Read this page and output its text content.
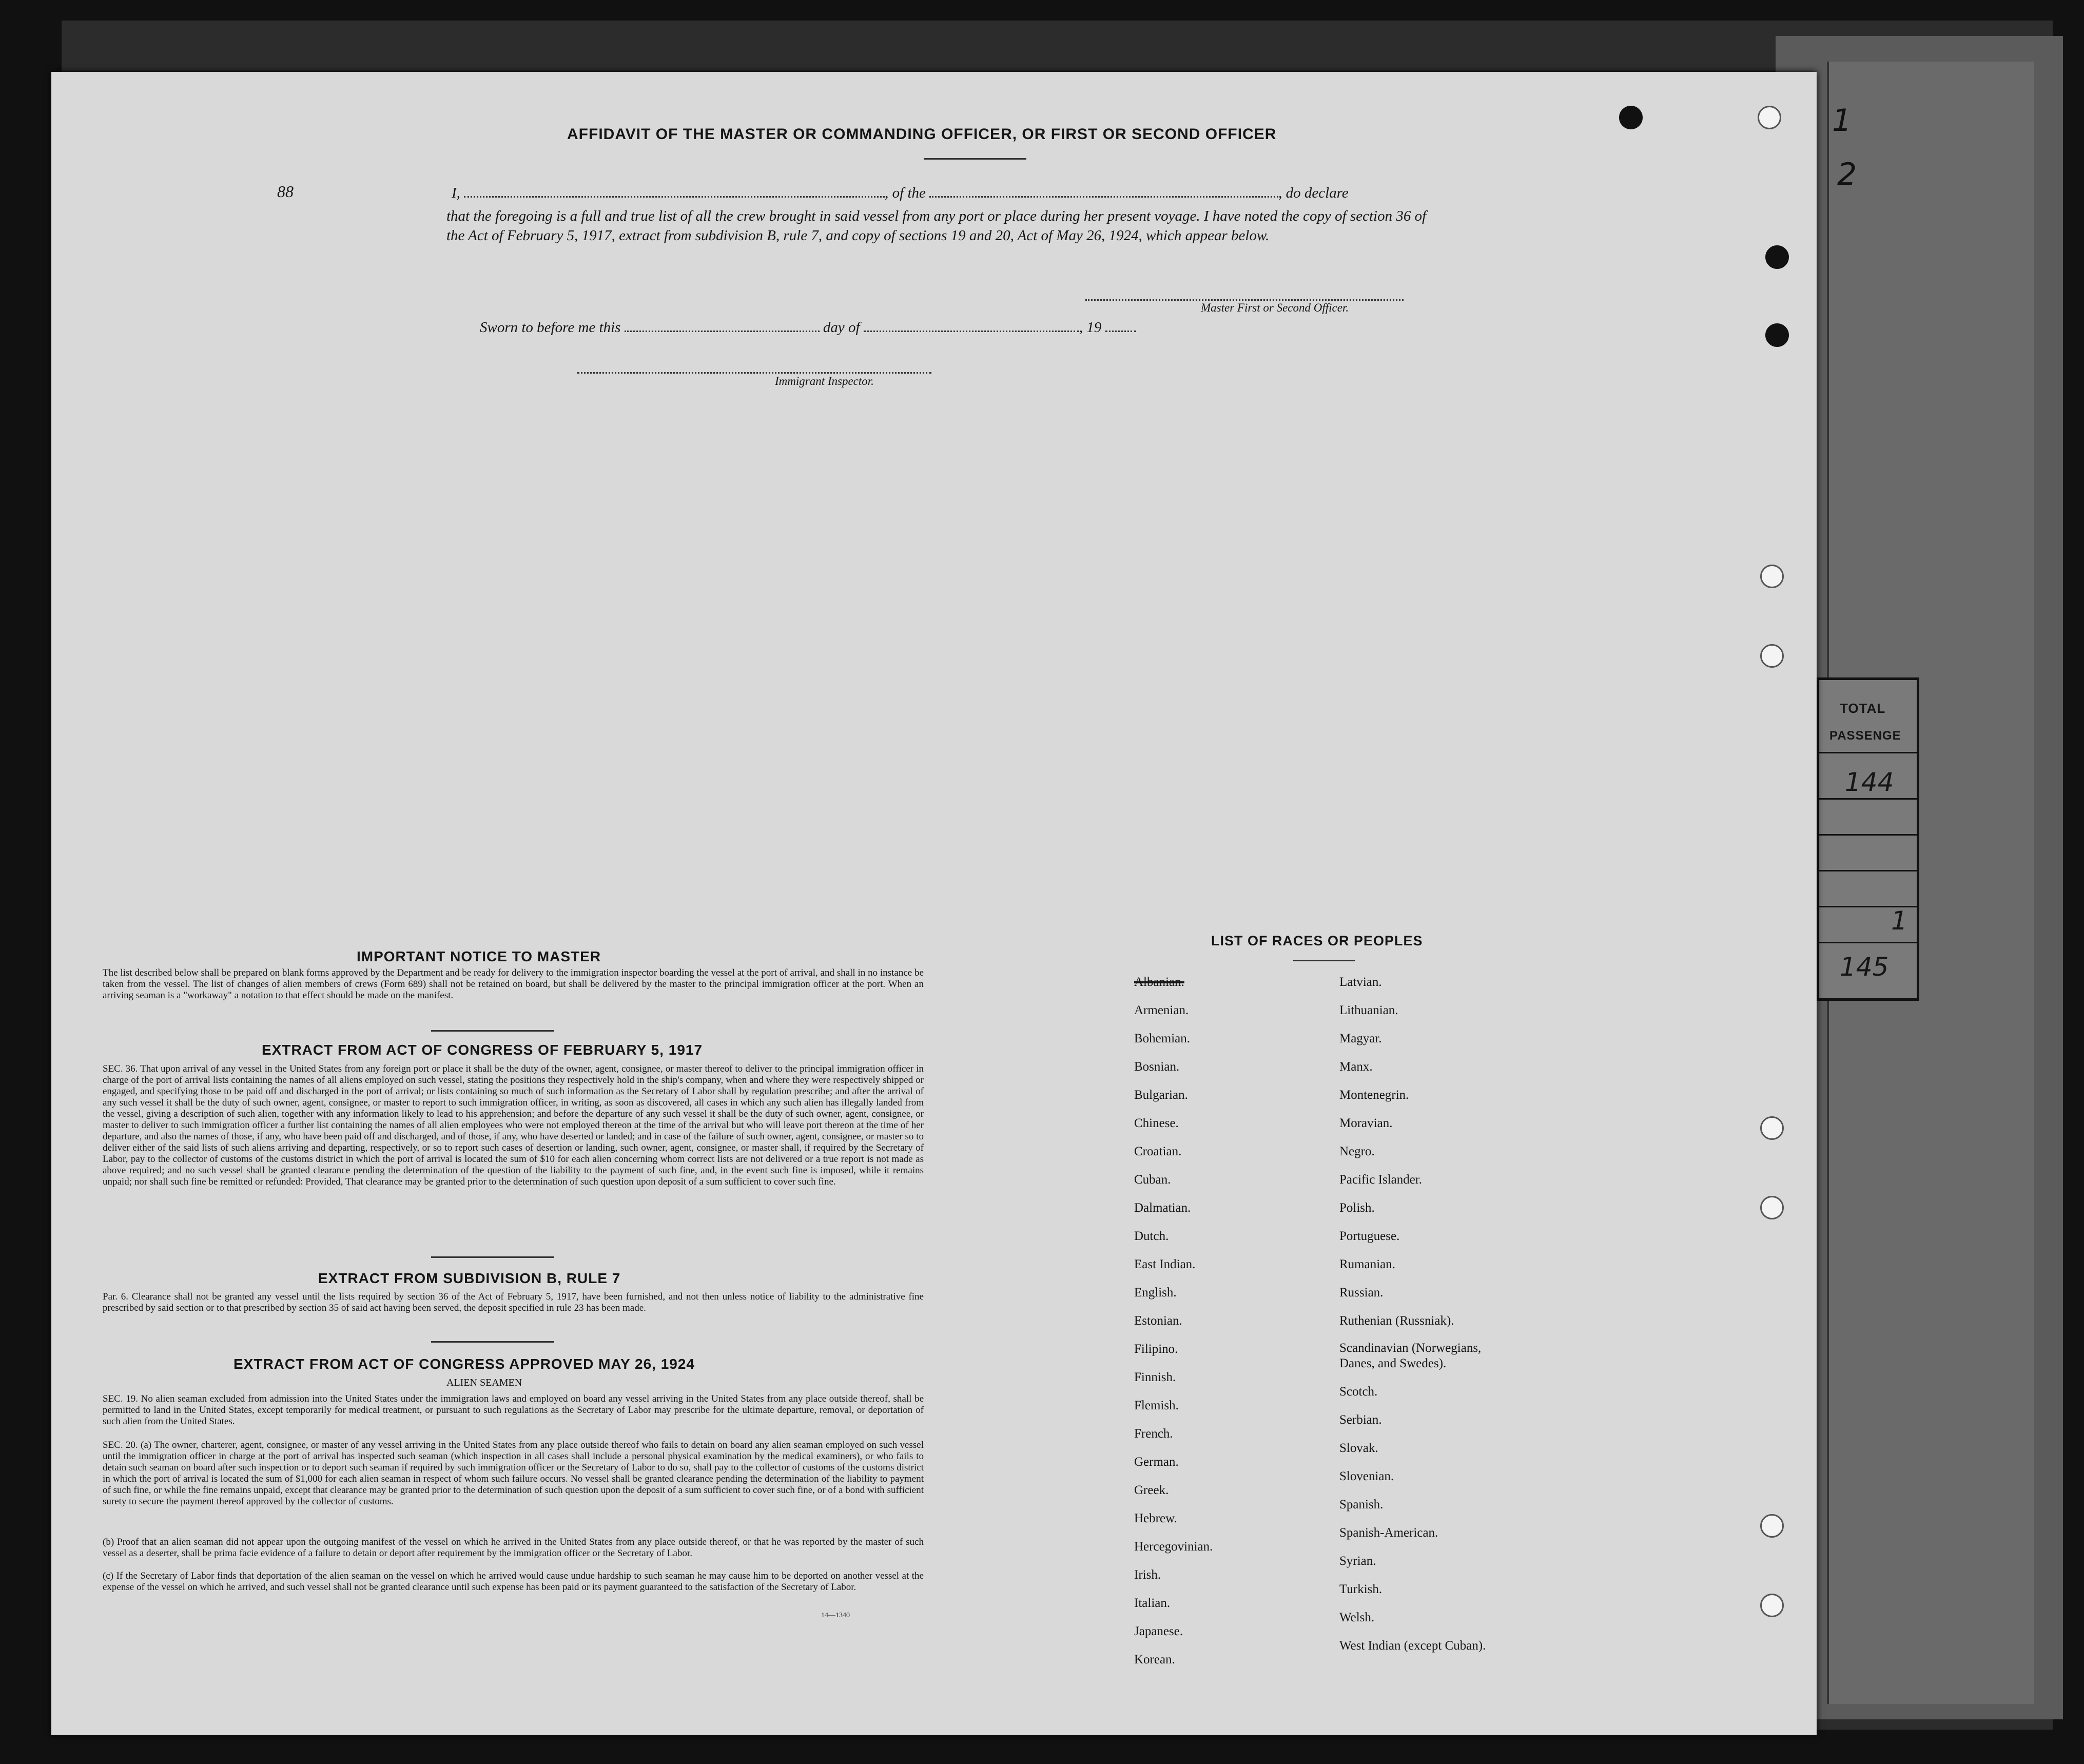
1
2
TOTAL
PASSENGE
144
1
145
AFFIDAVIT OF THE MASTER OR COMMANDING OFFICER, OR FIRST OR SECOND OFFICER
88	I,	, of the	, do declare
that the foregoing is a full and true list of all the crew brought in said vessel from any port or place during her present voyage. I have noted the copy of section 36 of the Act of February 5, 1917, extract from subdivision B, rule 7, and copy of sections 19 and 20, Act of May 26, 1924, which appear below.
Master First or Second Officer.
Sworn to before me this	day of	, 19
Immigrant Inspector.
IMPORTANT NOTICE TO MASTER
The list described below shall be prepared on blank forms approved by the Department and be ready for delivery to the immigration inspector boarding the vessel at the port of arrival, and shall in no instance be taken from the vessel. The list of changes of alien members of crews (Form 689) shall not be retained on board, but shall be delivered by the master to the principal immigration officer at the port. When an arriving seaman is a "workaway" a notation to that effect should be made on the manifest.
EXTRACT FROM ACT OF CONGRESS OF FEBRUARY 5, 1917
SEC. 36. That upon arrival of any vessel in the United States from any foreign port or place it shall be the duty of the owner, agent, consignee, or master thereof to deliver to the principal immigration officer in charge of the port of arrival lists containing the names of all aliens employed on such vessel, stating the positions they respectively hold in the ship's company, when and where they were respectively shipped or engaged, and specifying those to be paid off and discharged in the port of arrival; or lists containing so much of such information as the Secretary of Labor shall by regulation prescribe; and after the arrival of any such vessel it shall be the duty of such owner, agent, consignee, or master to report to such immigration officer, in writing, as soon as discovered, all cases in which any such alien has illegally landed from the vessel, giving a description of such alien, together with any information likely to lead to his apprehension; and before the departure of any such vessel it shall be the duty of such owner, agent, consignee, or master to deliver to such immigration officer a further list containing the names of all alien employees who were not employed thereon at the time of the arrival but who will leave port thereon at the time of her departure, and also the names of those, if any, who have been paid off and discharged, and of those, if any, who have deserted or landed; and in case of the failure of such owner, agent, consignee, or master so to deliver either of the said lists of such aliens arriving and departing, respectively, or so to report such cases of desertion or landing, such owner, agent, consignee, or master shall, if required by the Secretary of Labor, pay to the collector of customs of the customs district in which the port of arrival is located the sum of $10 for each alien concerning whom correct lists are not delivered or a true report is not made as above required; and no such vessel shall be granted clearance pending the determination of the question of the liability to the payment of such fine, and, in the event such fine is imposed, while it remains unpaid; nor shall such fine be remitted or refunded: Provided, That clearance may be granted prior to the determination of such question upon deposit of a sum sufficient to cover such fine.
EXTRACT FROM SUBDIVISION B, RULE 7
Par. 6. Clearance shall not be granted any vessel until the lists required by section 36 of the Act of February 5, 1917, have been furnished, and not then unless notice of liability to the administrative fine prescribed by said section or to that prescribed by section 35 of said act having been served, the deposit specified in rule 23 has been made.
EXTRACT FROM ACT OF CONGRESS APPROVED MAY 26, 1924
ALIEN SEAMEN
SEC. 19. No alien seaman excluded from admission into the United States under the immigration laws and employed on board any vessel arriving in the United States from any place outside thereof, shall be permitted to land in the United States, except temporarily for medical treatment, or pursuant to such regulations as the Secretary of Labor may prescribe for the ultimate departure, removal, or deportation of such alien from the United States.
SEC. 20. (a) The owner, charterer, agent, consignee, or master of any vessel arriving in the United States from any place outside thereof who fails to detain on board any alien seaman employed on such vessel until the immigration officer in charge at the port of arrival has inspected such seaman (which inspection in all cases shall include a personal physical examination by the medical examiners), or who fails to detain such seaman on board after such inspection or to deport such seaman if required by such immigration officer or the Secretary of Labor to do so, shall pay to the collector of customs of the customs district in which the port of arrival is located the sum of $1,000 for each alien seaman in respect of whom such failure occurs. No vessel shall be granted clearance pending the determination of the liability to payment of such fine, or while the fine remains unpaid, except that clearance may be granted prior to the determination of such question upon the deposit of a sum sufficient to cover such fine, or of a bond with sufficient surety to secure the payment thereof approved by the collector of customs.
(b) Proof that an alien seaman did not appear upon the outgoing manifest of the vessel on which he arrived in the United States from any place outside thereof, or that he was reported by the master of such vessel as a deserter, shall be prima facie evidence of a failure to detain or deport after requirement by the immigration officer or the Secretary of Labor.
(c) If the Secretary of Labor finds that deportation of the alien seaman on the vessel on which he arrived would cause undue hardship to such seaman he may cause him to be deported on another vessel at the expense of the vessel on which he arrived, and such vessel shall not be granted clearance until such expense has been paid or its payment guaranteed to the satisfaction of the Secretary of Labor.
14—1340
LIST OF RACES OR PEOPLES
Albanian.
Armenian.
Bohemian.
Bosnian.
Bulgarian.
Chinese.
Croatian.
Cuban.
Dalmatian.
Dutch.
East Indian.
English.
Estonian.
Filipino.
Finnish.
Flemish.
French.
German.
Greek.
Hebrew.
Hercegovinian.
Irish.
Italian.
Japanese.
Korean.
Latvian.
Lithuanian.
Magyar.
Manx.
Montenegrin.
Moravian.
Negro.
Pacific Islander.
Polish.
Portuguese.
Rumanian.
Russian.
Ruthenian (Russniak).
Scandinavian (Norwegians, Danes, and Swedes).
Scotch.
Serbian.
Slovak.
Slovenian.
Spanish.
Spanish-American.
Syrian.
Turkish.
Welsh.
West Indian (except Cuban).
